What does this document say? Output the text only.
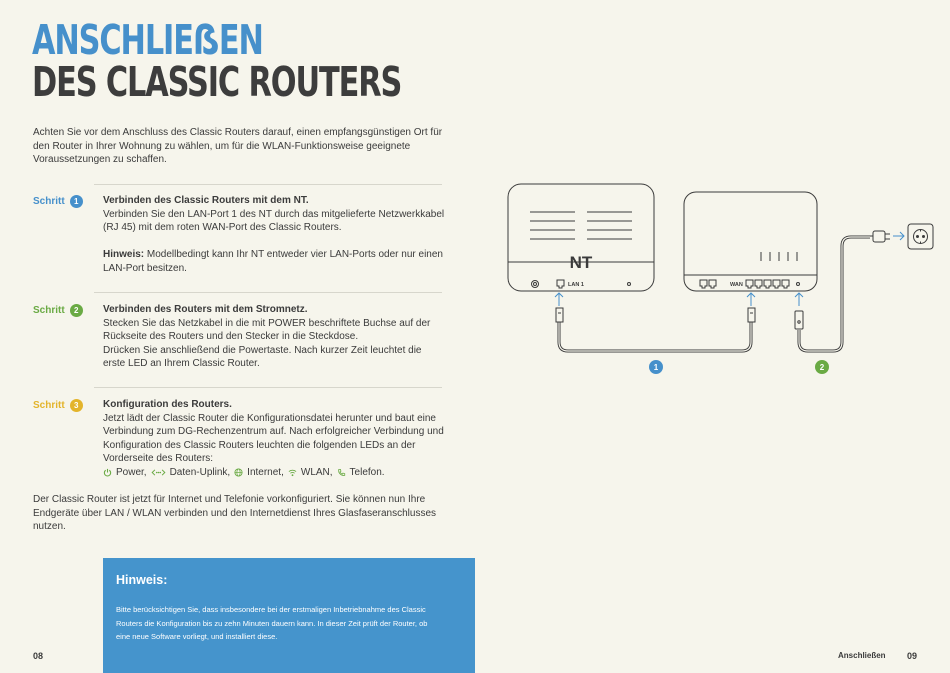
ANSCHLIEẞEN
DES CLASSIC ROUTERS

Achten Sie vor dem Anschluss des Classic Routers darauf, einen empfangsgünstigen Ort für den Router in Ihrer Wohnung zu wählen, um für die WLAN-Funktionsweise geeignete Voraussetzungen zu schaffen.

Schritt	1	Verbinden des Classic Routers mit dem NT.

Verbinden Sie den LAN-Port 1 des NT durch das mitgelieferte Netzwerkkabel (RJ 45) mit dem roten WAN-Port des Classic Routers.

Hinweis: Modellbedingt kann Ihr NT entweder vier LAN-Ports oder nur einen LAN-Port besitzen.

Schritt	2	Verbinden des Routers mit dem Stromnetz.

Stecken Sie das Netzkabel in die mit POWER beschriftete Buchse auf der Rückseite des Routers und den Stecker in die Steckdose.

Drücken Sie anschließend die Powertaste. Nach kurzer Zeit leuchtet die erste LED an Ihrem Classic Router.

Schritt	3	Konfiguration des Routers.

Jetzt lädt der Classic Router die Konfigurationsdatei herunter und baut eine Verbindung zum DG-Rechenzentrum auf. Nach erfolgreicher Verbindung und Konfiguration des Classic Routers leuchten die folgenden LEDs an der Vorderseite des Routers:

Power, Daten-Uplink, Internet, WLAN, Telefon.

Der Classic Router ist jetzt für Internet und Telefonie vorkonfiguriert. Sie können nun Ihre Endgeräte über LAN / WLAN verbinden und den Internetdienst Ihres Glasfaseranschlusses nutzen.

Hinweis:
Bitte berücksichtigen Sie, dass insbesondere bei der erstmaligen Inbetriebnahme des Classic Routers die Konfiguration bis zu zehn Minuten dauern kann. In dieser Zeit prüft der Router, ob eine neue Software vorliegt, und installiert diese.
NT
LAN 1	WAN
1	2
08	Anschließen 09
